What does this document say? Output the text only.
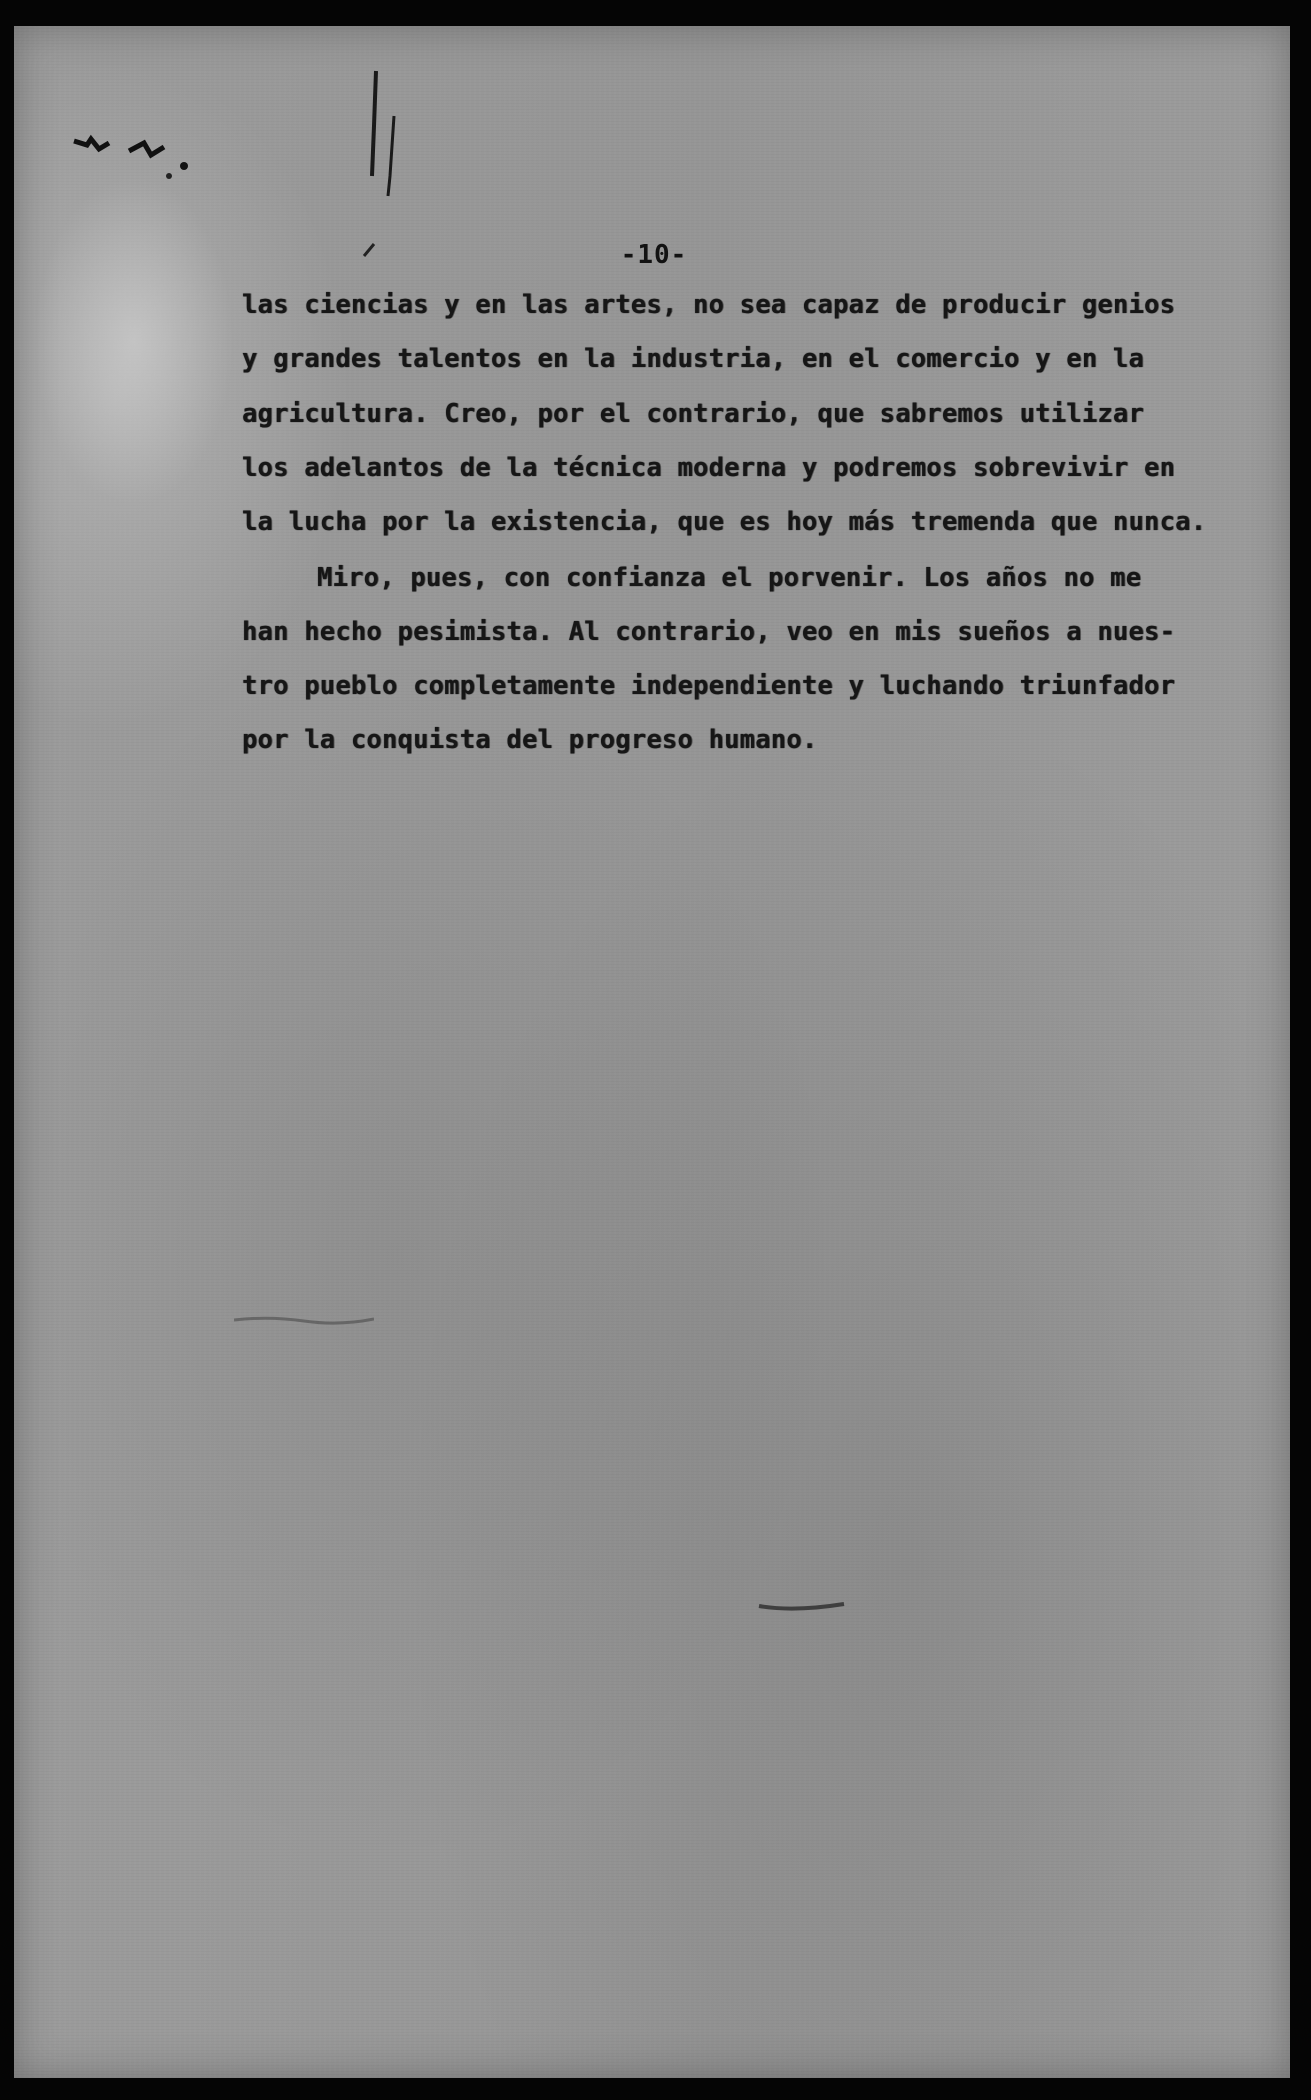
-10-
las ciencias y en las artes, no sea capaz de producir genios
y grandes talentos en la industria, en el comercio y en la
agricultura. Creo, por el contrario, que sabremos utilizar
los adelantos de la técnica moderna y podremos sobrevivir en
la lucha por la existencia, que es hoy más tremenda que nunca.
Miro, pues, con confianza el porvenir. Los años no me
han hecho pesimista. Al contrario, veo en mis sueños a nues-
tro pueblo completamente independiente y luchando triunfador
por la conquista del progreso humano.
